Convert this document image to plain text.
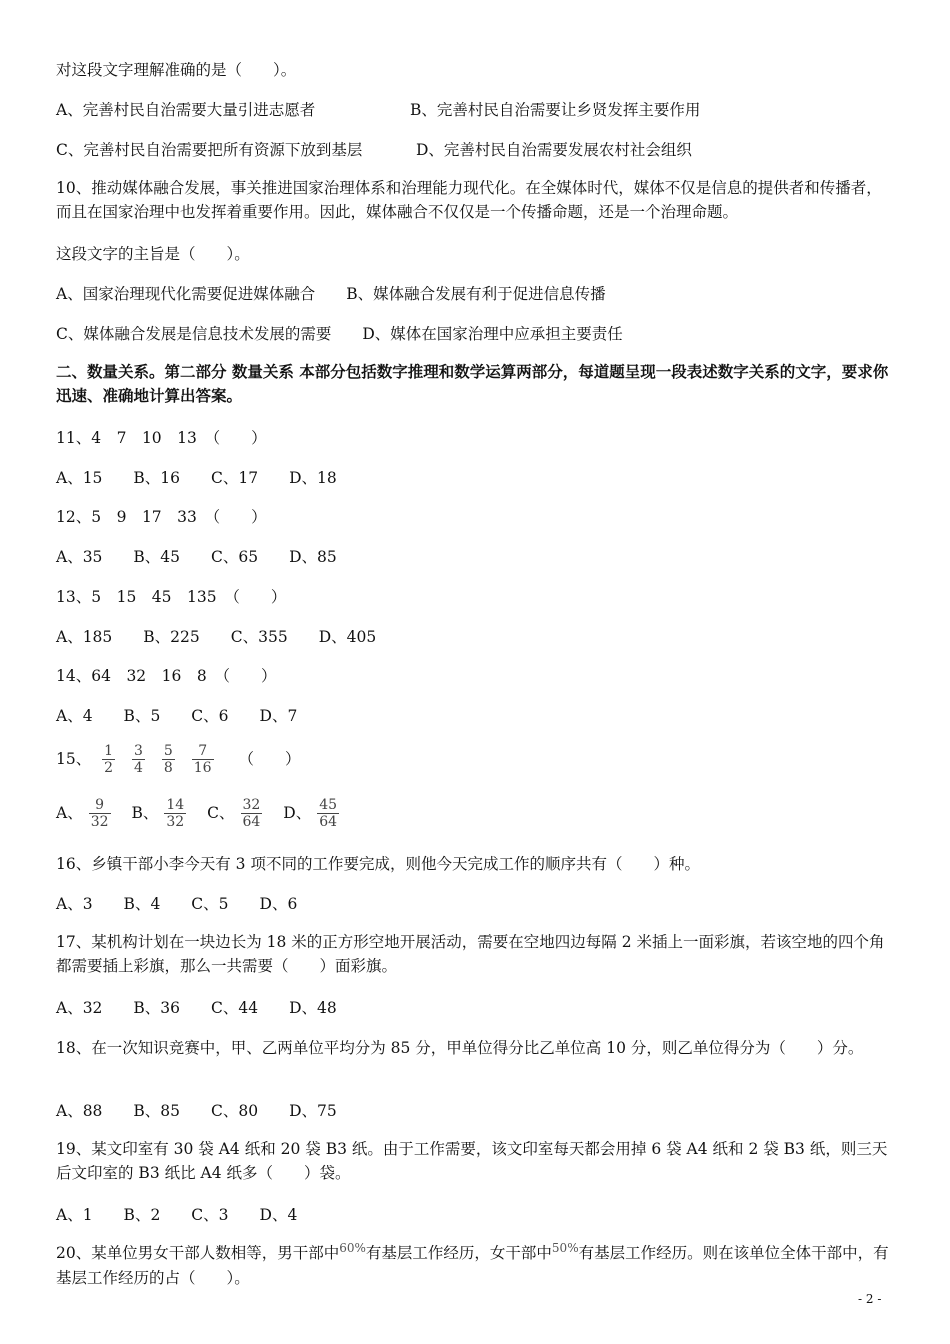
对这段文字理解准确的是（　　）。
A、完善村民自治需要大量引进志愿者	B、完善村民自治需要让乡贤发挥主要作用
C、完善村民自治需要把所有资源下放到基层	D、完善村民自治需要发展农村社会组织
10、推动媒体融合发展，事关推进国家治理体系和治理能力现代化。在全媒体时代，媒体不仅是信息的提供者和传播者，而且在国家治理中也发挥着重要作用。因此，媒体融合不仅仅是一个传播命题，还是一个治理命题。
这段文字的主旨是（　　）。
A、国家治理现代化需要促进媒体融合　　B、媒体融合发展有利于促进信息传播
C、媒体融合发展是信息技术发展的需要　　D、媒体在国家治理中应承担主要责任
二、数量关系。第二部分 数量关系 本部分包括数字推理和数学运算两部分，每道题呈现一段表述数字关系的文字，要求你迅速、准确地计算出答案。
11、4　7　10　13　（　　）
A、15　　B、16　　C、17　　D、18
12、5　9　17　33　（　　）
A、35　　B、45　　C、65　　D、85
13、5　15　45　135　（　　）
A、185　　B、225　　C、355　　D、405
14、64　32　16　8　（　　）
A、4　　B、5　　C、6　　D、7
15、 $\frac{1}{2}$
$\frac{3}{4}$
$\frac{5}{8}$
$\frac{7}{16}$ （　　）
A、 $\frac{9}{32}$ B、 $\frac{14}{32}$ C、 $\frac{32}{64}$ D、 $\frac{45}{64}$
16、乡镇干部小李今天有 3 项不同的工作要完成，则他今天完成工作的顺序共有（　　）种。
A、3　　B、4　　C、5　　D、6
17、某机构计划在一块边长为 18 米的正方形空地开展活动，需要在空地四边每隔 2 米插上一面彩旗，若该空地的四个角都需要插上彩旗，那么一共需要（　　）面彩旗。
A、32　　B、36　　C、44　　D、48
18、在一次知识竞赛中，甲、乙两单位平均分为 85 分，甲单位得分比乙单位高 10 分，则乙单位得分为（　　）分。
A、88　　B、85　　C、80　　D、75
19、某文印室有 30 袋 A4 纸和 20 袋 B3 纸。由于工作需要，该文印室每天都会用掉 6 袋 A4 纸和 2 袋 B3 纸，则三天后文印室的 B3 纸比 A4 纸多（　　）袋。
A、1　　B、2　　C、3　　D、4
20、某单位男女干部人数相等，男干部中$^{60\%}$有基层工作经历，女干部中$^{50\%}$有基层工作经历。则在该单位全体干部中，有基层工作经历的占（　　）。
- 2 -
